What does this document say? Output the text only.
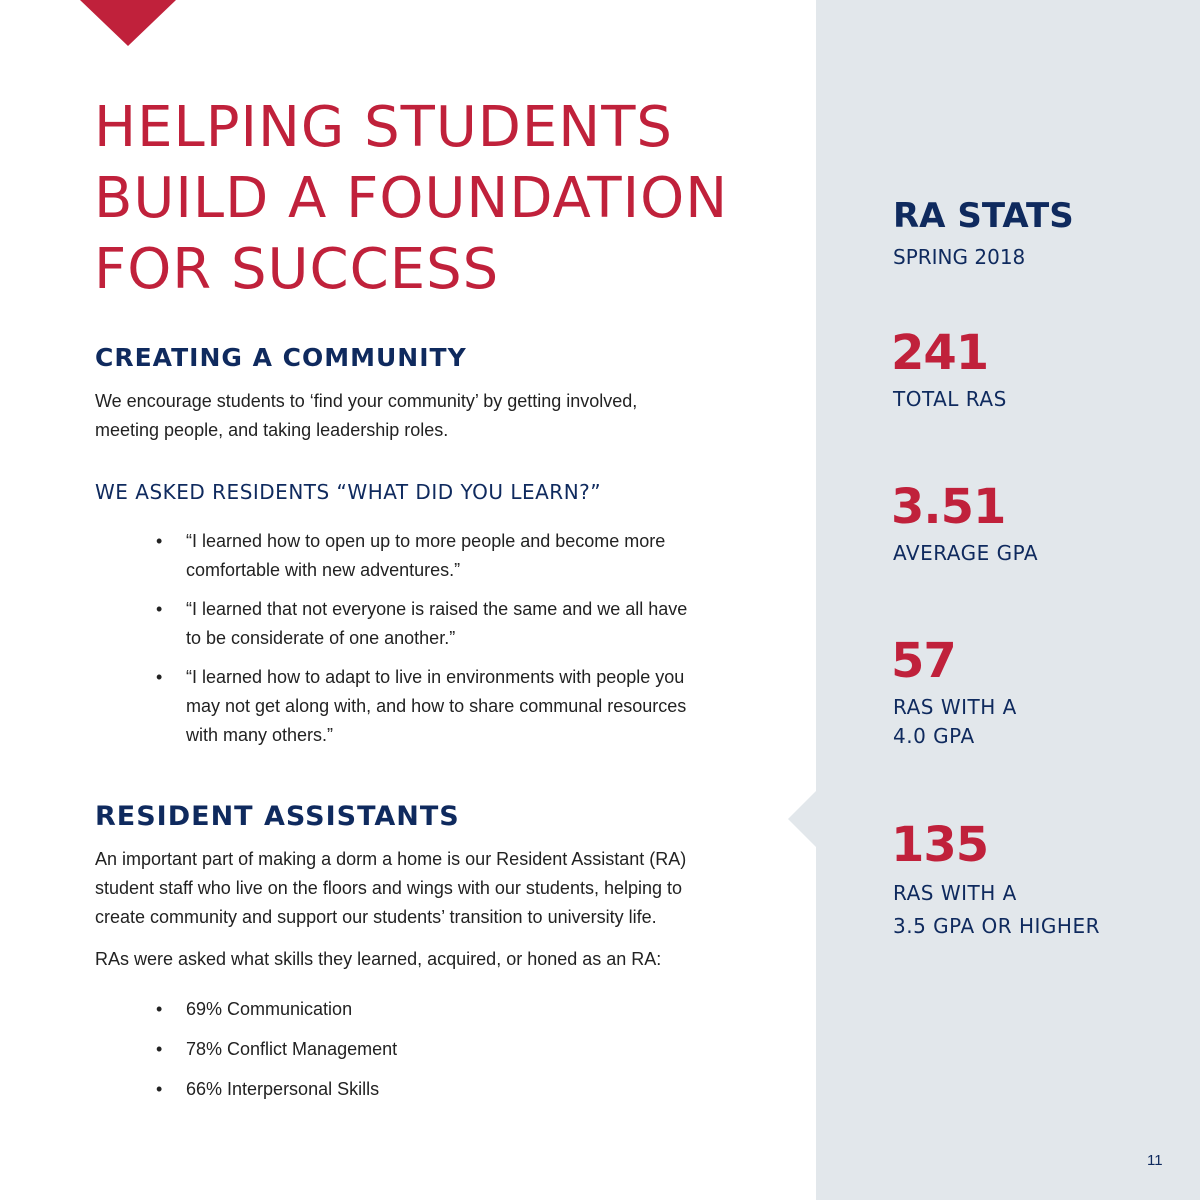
HELPING STUDENTS
BUILD A FOUNDATION
FOR SUCCESS
CREATING A COMMUNITY

We encourage students to ‘find your community’ by getting involved,
meeting people, and taking leadership roles.

WE ASKED RESIDENTS “WHAT DID YOU LEARN?”
• “I learned how to open up to more people and become more
comfortable with new adventures.”
• “I learned that not everyone is raised the same and we all have
to be considerate of one another.”
• “I learned how to adapt to live in environments with people you
may not get along with, and how to share communal resources
with many others.”
RESIDENT ASSISTANTS

An important part of making a dorm a home is our Resident Assistant (RA)
student staff who live on the floors and wings with our students, helping to
create community and support our students’ transition to university life.

RAs were asked what skills they learned, acquired, or honed as an RA:

• 69% Communication
• 78% Conflict Management
• 66% Interpersonal Skills
RA STATS
SPRING 2018
241
TOTAL RAS
3.51
AVERAGE GPA
57
RAS WITH A
4.0 GPA
135
RAS WITH A
3.5 GPA OR HIGHER
11
